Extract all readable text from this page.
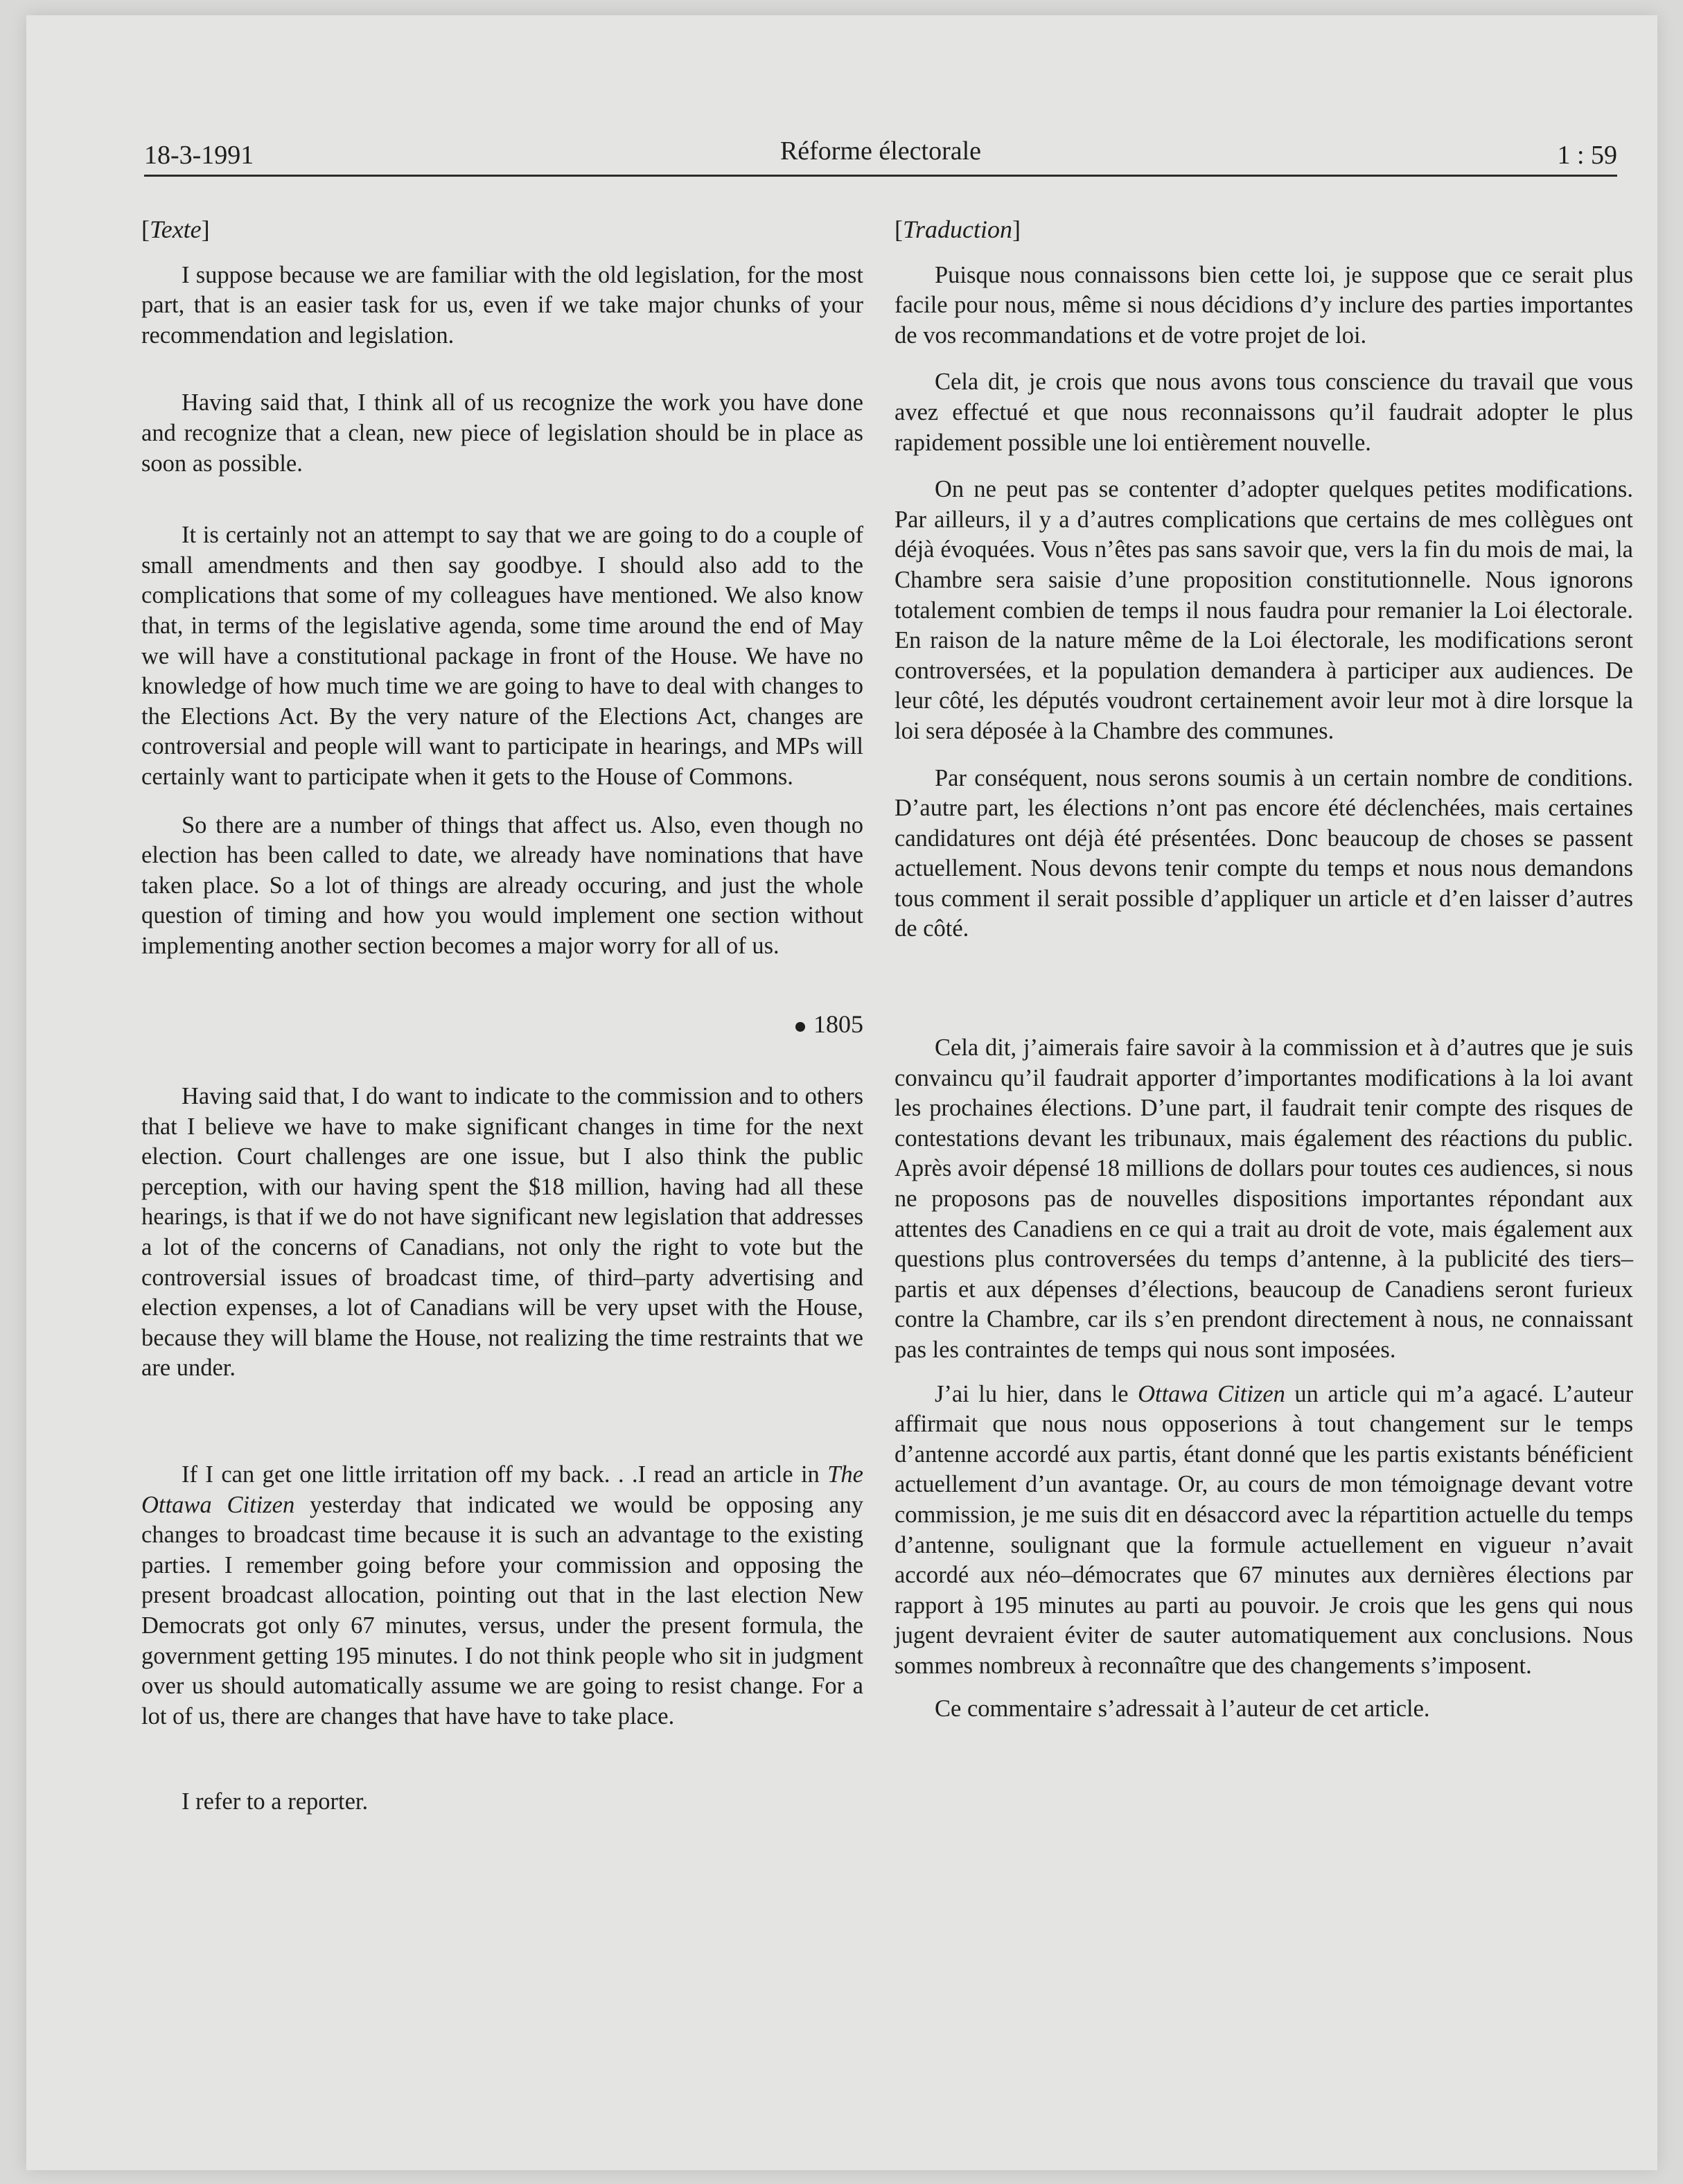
18-3-1991	Réforme électorale	1 : 59
[Texte]

I suppose because we are familiar with the old legislation, for the most part, that is an easier task for us, even if we take major chunks of your recommendation and legislation.

Having said that, I think all of us recognize the work you have done and recognize that a clean, new piece of legislation should be in place as soon as possible.

It is certainly not an attempt to say that we are going to do a couple of small amendments and then say goodbye. I should also add to the complications that some of my colleagues have mentioned. We also know that, in terms of the legislative agenda, some time around the end of May we will have a constitutional package in front of the House. We have no knowledge of how much time we are going to have to deal with changes to the Elections Act. By the very nature of the Elections Act, changes are controversial and people will want to participate in hearings, and MPs will certainly want to participate when it gets to the House of Commons.

So there are a number of things that affect us. Also, even though no election has been called to date, we already have nominations that have taken place. So a lot of things are already occuring, and just the whole question of timing and how you would implement one section without implementing another section becomes a major worry for all of us.

1805

Having said that, I do want to indicate to the commission and to others that I believe we have to make significant changes in time for the next election. Court challenges are one issue, but I also think the public perception, with our having spent the $18 million, having had all these hearings, is that if we do not have significant new legislation that addresses a lot of the concerns of Canadians, not only the right to vote but the controversial issues of broadcast time, of third–party advertising and election expenses, a lot of Canadians will be very upset with the House, because they will blame the House, not realizing the time restraints that we are under.

If I can get one little irritation off my back. . .I read an article in The Ottawa Citizen yesterday that indicated we would be opposing any changes to broadcast time because it is such an advantage to the existing parties. I remember going before your commission and opposing the present broadcast allocation, pointing out that in the last election New Democrats got only 67 minutes, versus, under the present formula, the government getting 195 minutes. I do not think people who sit in judgment over us should automatically assume we are going to resist change. For a lot of us, there are changes that have have to take place.

I refer to a reporter.

[Traduction]

Puisque nous connaissons bien cette loi, je suppose que ce serait plus facile pour nous, même si nous décidions d’y inclure des parties importantes de vos recommandations et de votre projet de loi.

Cela dit, je crois que nous avons tous conscience du travail que vous avez effectué et que nous reconnaissons qu’il faudrait adopter le plus rapidement possible une loi entièrement nouvelle.

On ne peut pas se contenter d’adopter quelques petites modifications. Par ailleurs, il y a d’autres complications que certains de mes collègues ont déjà évoquées. Vous n’êtes pas sans savoir que, vers la fin du mois de mai, la Chambre sera saisie d’une proposition constitutionnelle. Nous ignorons totalement combien de temps il nous faudra pour remanier la Loi électorale. En raison de la nature même de la Loi électorale, les modifications seront controversées, et la population demandera à participer aux audiences. De leur côté, les députés voudront certainement avoir leur mot à dire lorsque la loi sera déposée à la Chambre des communes.

Par conséquent, nous serons soumis à un certain nombre de conditions. D’autre part, les élections n’ont pas encore été déclenchées, mais certaines candidatures ont déjà été présentées. Donc beaucoup de choses se passent actuellement. Nous devons tenir compte du temps et nous nous demandons tous comment il serait possible d’appliquer un article et d’en laisser d’autres de côté.

Cela dit, j’aimerais faire savoir à la commission et à d’autres que je suis convaincu qu’il faudrait apporter d’importantes modifications à la loi avant les prochaines élections. D’une part, il faudrait tenir compte des risques de contestations devant les tribunaux, mais également des réactions du public. Après avoir dépensé 18 millions de dollars pour toutes ces audiences, si nous ne proposons pas de nouvelles dispositions importantes répondant aux attentes des Canadiens en ce qui a trait au droit de vote, mais également aux questions plus controversées du temps d’antenne, à la publicité des tiers–partis et aux dépenses d’élections, beaucoup de Canadiens seront furieux contre la Chambre, car ils s’en prendont directement à nous, ne connaissant pas les contraintes de temps qui nous sont imposées.

J’ai lu hier, dans le Ottawa Citizen un article qui m’a agacé. L’auteur affirmait que nous nous opposerions à tout changement sur le temps d’antenne accordé aux partis, étant donné que les partis existants bénéficient actuellement d’un avantage. Or, au cours de mon témoignage devant votre commission, je me suis dit en désaccord avec la répartition actuelle du temps d’antenne, soulignant que la formule actuellement en vigueur n’avait accordé aux néo–démocrates que 67 minutes aux dernières élections par rapport à 195 minutes au parti au pouvoir. Je crois que les gens qui nous jugent devraient éviter de sauter automatiquement aux conclusions. Nous sommes nombreux à reconnaître que des changements s’imposent.

Ce commentaire s’adressait à l’auteur de cet article.
